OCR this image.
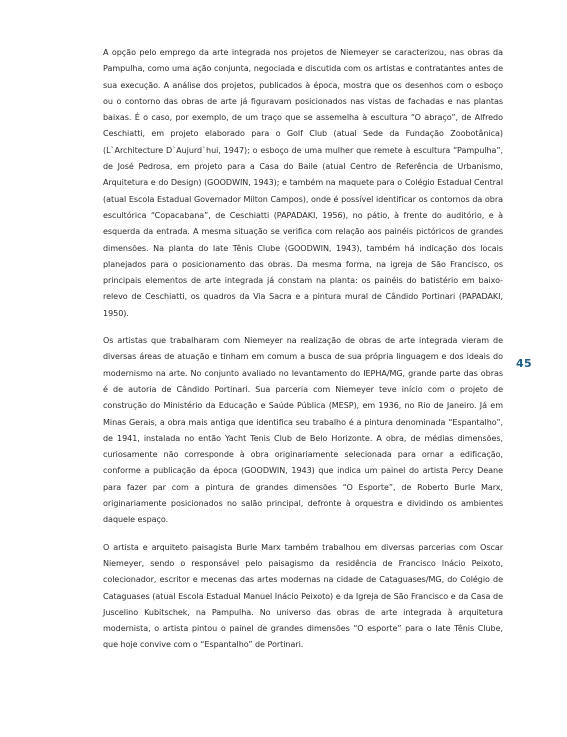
A opção pelo emprego da arte integrada nos projetos de Niemeyer se caracterizou, nas obras da Pampulha, como uma ação conjunta, negociada e discutida com os artistas e contratantes antes de sua execução. A análise dos projetos, publicados à época, mostra que os desenhos com o esboço ou o contorno das obras de arte já figuravam posicionados nas vistas de fachadas e nas plantas baixas. É o caso, por exemplo, de um traço que se assemelha à escultura “O abraço”, de Alfredo Ceschiatti, em projeto elaborado para o Golf Club (atual Sede da Fundação Zoobotânica) (L`Architecture D`Aujurd`hui, 1947); o esboço de uma mulher que remete à escultura “Pampulha”, de José Pedrosa, em projeto para a Casa do Baile (atual Centro de Referência de Urbanismo, Arquitetura e do Design) (GOODWIN, 1943); e também na maquete para o Colégio Estadual Central (atual Escola Estadual Governador Milton Campos), onde é possível identificar os contornos da obra escultórica “Copacabana”, de Ceschiatti (PAPADAKI, 1956), no pátio, à frente do auditório, e à esquerda da entrada. A mesma situação se verifica com relação aos painéis pictóricos de grandes dimensões. Na planta do Iate Tênis Clube (GOODWIN, 1943), também há indicação dos locais planejados para o posicionamento das obras. Da mesma forma, na igreja de São Francisco, os principais elementos de arte integrada já constam na planta: os painéis do batistério em baixo-relevo de Ceschiatti, os quadros da Via Sacra e a pintura mural de Cândido Portinari (PAPADAKI, 1950).

Os artistas que trabalharam com Niemeyer na realização de obras de arte integrada vieram de diversas áreas de atuação e tinham em comum a busca de sua própria linguagem e dos ideais do modernismo na arte. No conjunto avaliado no levantamento do IEPHA/MG, grande parte das obras é de autoria de Cândido Portinari. Sua parceria com Niemeyer teve início com o projeto de construção do Ministério da Educação e Saúde Pública (MESP), em 1936, no Rio de Janeiro. Já em Minas Gerais, a obra mais antiga que identifica seu trabalho é a pintura denominada “Espantalho”, de 1941, instalada no então Yacht Tenis Club de Belo Horizonte. A obra, de médias dimensões, curiosamente não corresponde à obra originariamente selecionada para ornar a edificação, conforme a publicação da época (GOODWIN, 1943) que indica um painel do artista Percy Deane para fazer par com a pintura de grandes dimensões “O Esporte”, de Roberto Burle Marx, originariamente posicionados no salão principal, defronte à orquestra e dividindo os ambientes daquele espaço.

O artista e arquiteto paisagista Burle Marx também trabalhou em diversas parcerias com Oscar Niemeyer, sendo o responsável pelo paisagismo da residência de Francisco Inácio Peixoto, colecionador, escritor e mecenas das artes modernas na cidade de Cataguases/MG, do Colégio de Cataguases (atual Escola Estadual Manuel Inácio Peixoto) e da Igreja de São Francisco e da Casa de Juscelino Kubitschek, na Pampulha. No universo das obras de arte integrada à arquitetura modernista, o artista pintou o painel de grandes dimensões “O esporte” para o Iate Tênis Clube, que hoje convive com o “Espantalho” de Portinari.

45
